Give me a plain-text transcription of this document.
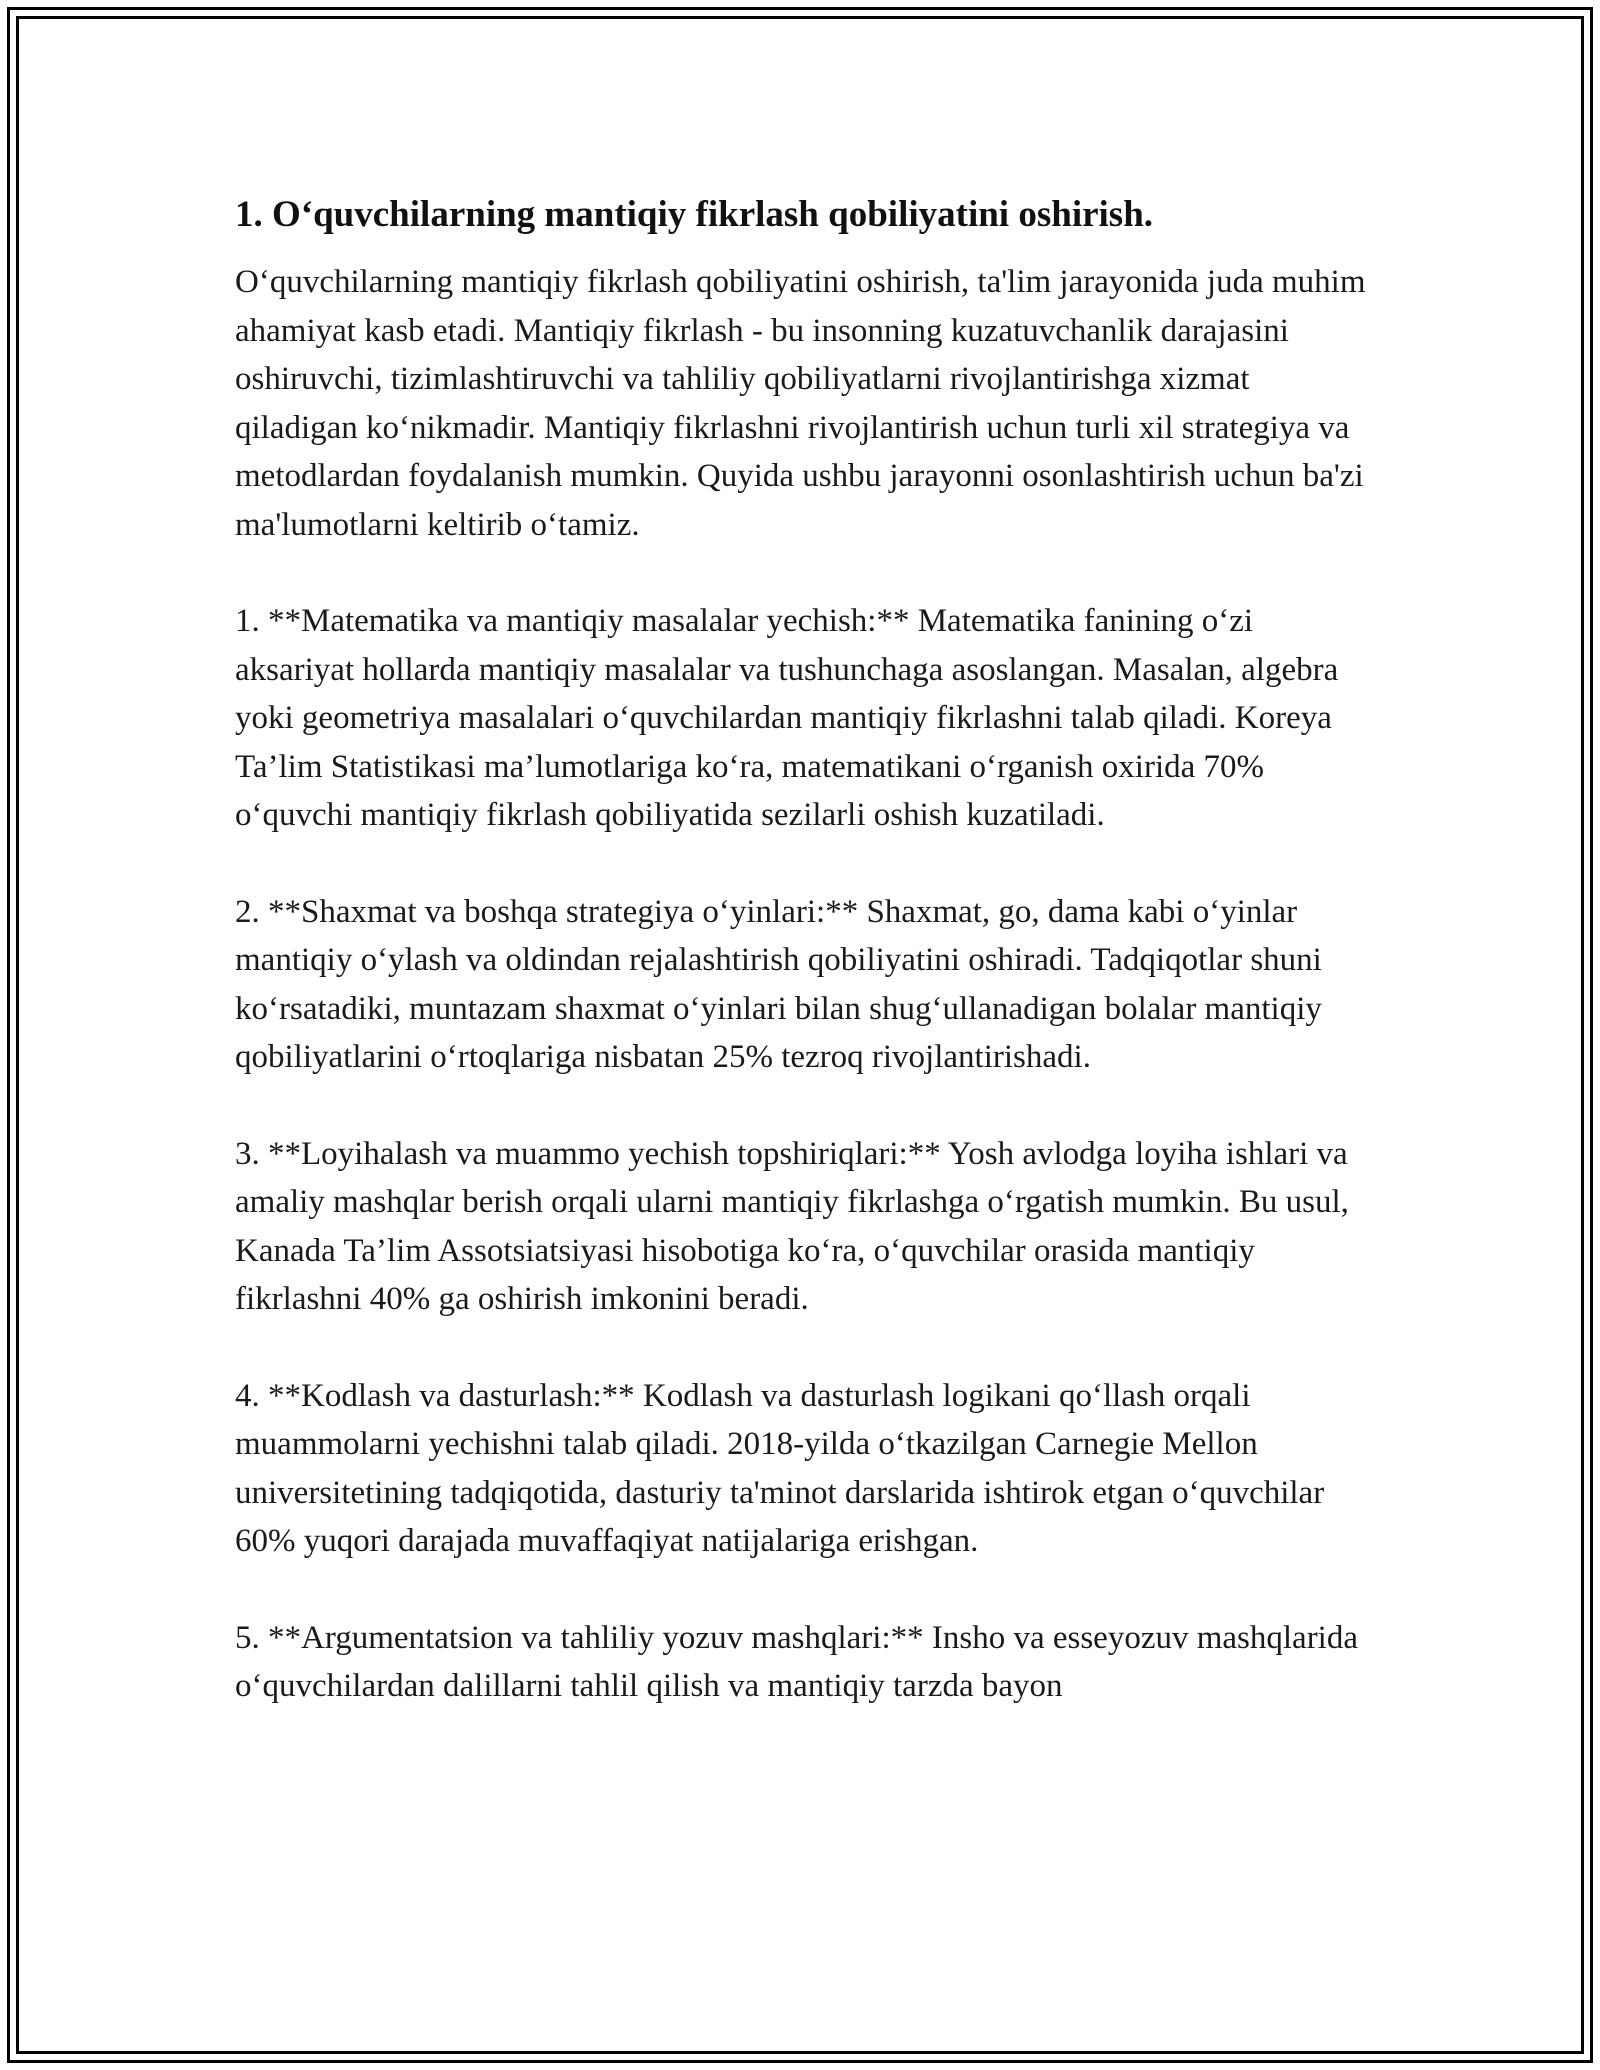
1. O‘quvchilarning mantiqiy fikrlash qobiliyatini oshirish.

O‘quvchilarning mantiqiy fikrlash qobiliyatini oshirish, ta'lim jarayonida juda muhim ahamiyat kasb etadi. Mantiqiy fikrlash - bu insonning kuzatuvchanlik darajasini oshiruvchi, tizimlashtiruvchi va tahliliy qobiliyatlarni rivojlantirishga xizmat qiladigan ko‘nikmadir. Mantiqiy fikrlashni rivojlantirish uchun turli xil strategiya va metodlardan foydalanish mumkin. Quyida ushbu jarayonni osonlashtirish uchun ba'zi ma'lumotlarni keltirib o‘tamiz.

1. **Matematika va mantiqiy masalalar yechish:** Matematika fanining o‘zi aksariyat hollarda mantiqiy masalalar va tushunchaga asoslangan. Masalan, algebra yoki geometriya masalalari o‘quvchilardan mantiqiy fikrlashni talab qiladi. Koreya Ta’lim Statistikasi ma’lumotlariga ko‘ra, matematikani o‘rganish oxirida 70% o‘quvchi mantiqiy fikrlash qobiliyatida sezilarli oshish kuzatiladi.

2. **Shaxmat va boshqa strategiya o‘yinlari:** Shaxmat, go, dama kabi o‘yinlar mantiqiy o‘ylash va oldindan rejalashtirish qobiliyatini oshiradi. Tadqiqotlar shuni ko‘rsatadiki, muntazam shaxmat o‘yinlari bilan shug‘ullanadigan bolalar mantiqiy qobiliyatlarini o‘rtoqlariga nisbatan 25% tezroq rivojlantirishadi.

3. **Loyihalash va muammo yechish topshiriqlari:** Yosh avlodga loyiha ishlari va amaliy mashqlar berish orqali ularni mantiqiy fikrlashga o‘rgatish mumkin. Bu usul, Kanada Ta’lim Assotsiatsiyasi hisobotiga ko‘ra, o‘quvchilar orasida mantiqiy fikrlashni 40% ga oshirish imkonini beradi.

4. **Kodlash va dasturlash:** Kodlash va dasturlash logikani qo‘llash orqali muammolarni yechishni talab qiladi. 2018-yilda o‘tkazilgan Carnegie Mellon universitetining tadqiqotida, dasturiy ta'minot darslarida ishtirok etgan o‘quvchilar 60% yuqori darajada muvaffaqiyat natijalariga erishgan.

5. **Argumentatsion va tahliliy yozuv mashqlari:** Insho va esseyozuv mashqlarida o‘quvchilardan dalillarni tahlil qilish va mantiqiy tarzda bayon
